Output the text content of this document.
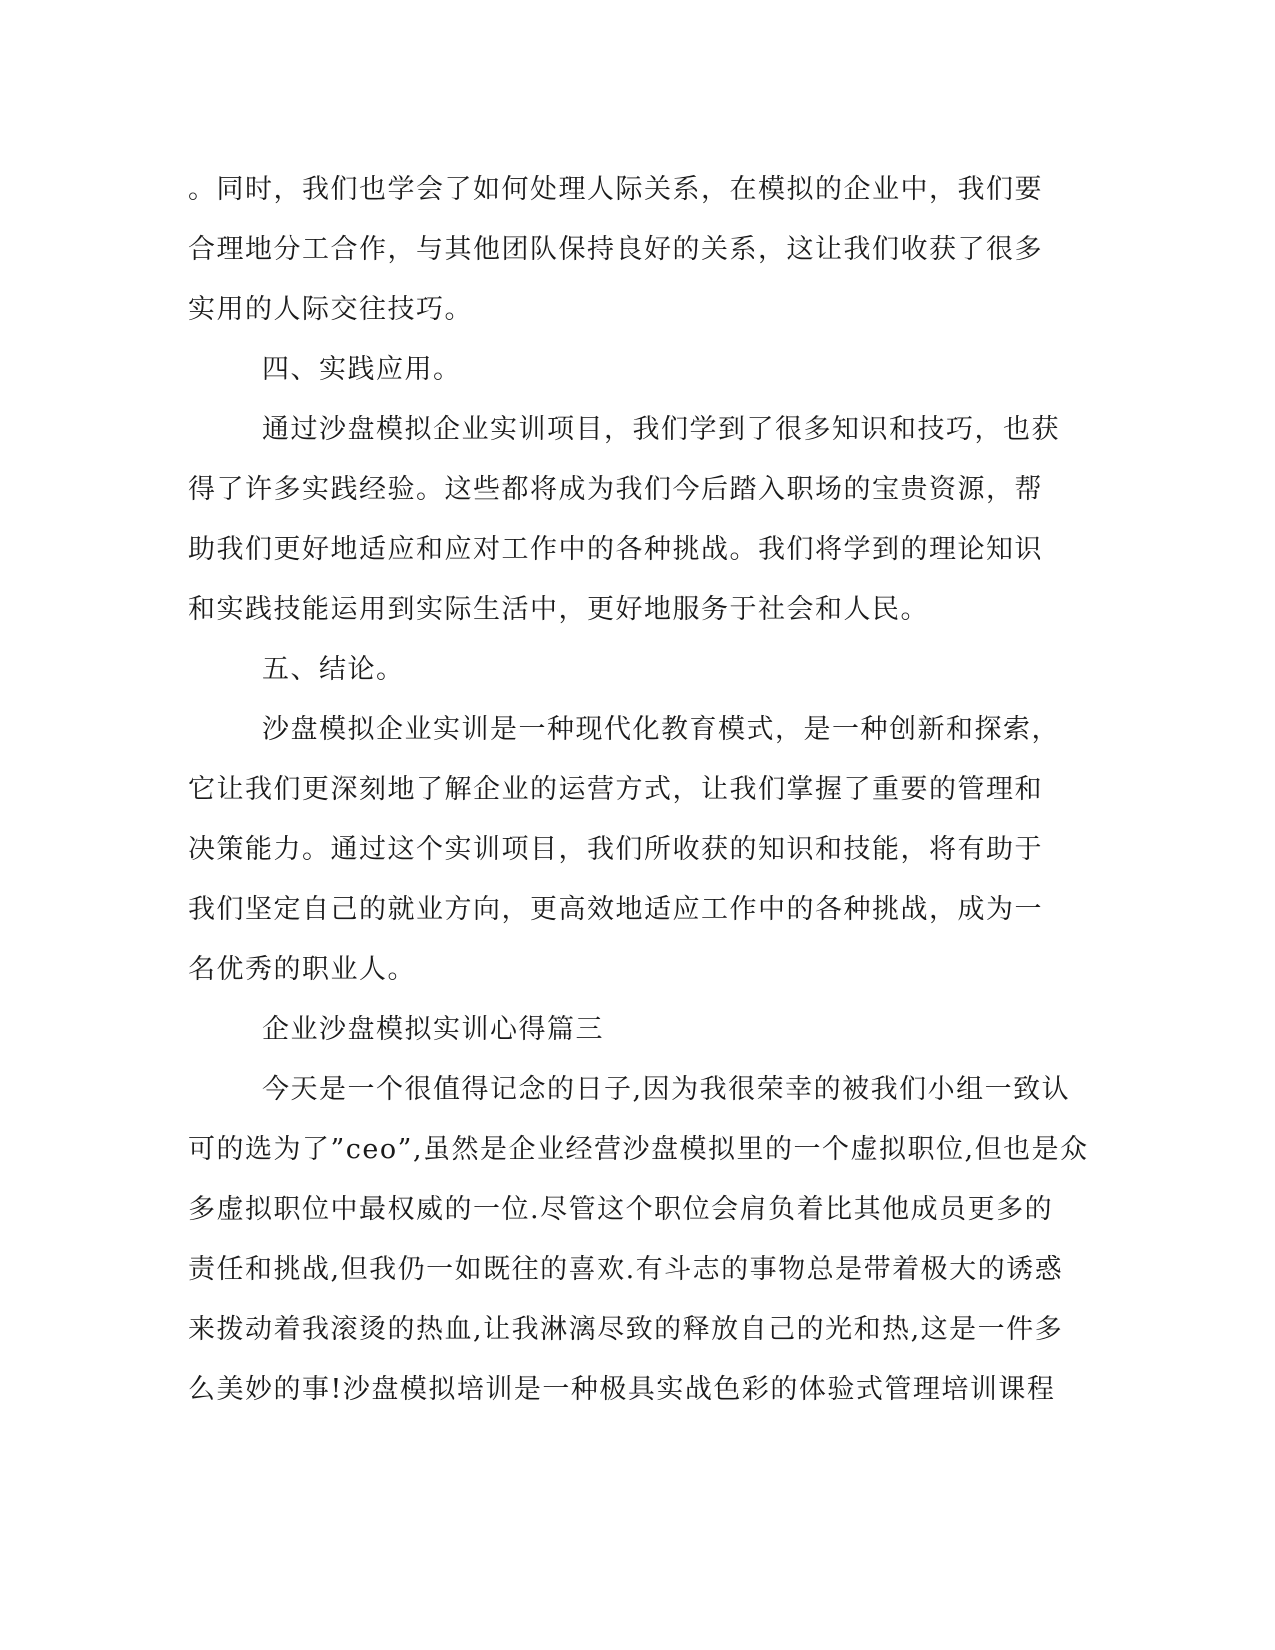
。同时，我们也学会了如何处理人际关系，在模拟的企业中，我们要
合理地分工合作，与其他团队保持良好的关系，这让我们收获了很多
实用的人际交往技巧。
四、实践应用。
通过沙盘模拟企业实训项目，我们学到了很多知识和技巧，也获
得了许多实践经验。这些都将成为我们今后踏入职场的宝贵资源，帮
助我们更好地适应和应对工作中的各种挑战。我们将学到的理论知识
和实践技能运用到实际生活中，更好地服务于社会和人民。
五、结论。
沙盘模拟企业实训是一种现代化教育模式，是一种创新和探索，
它让我们更深刻地了解企业的运营方式，让我们掌握了重要的管理和
决策能力。通过这个实训项目，我们所收获的知识和技能，将有助于
我们坚定自己的就业方向，更高效地适应工作中的各种挑战，成为一
名优秀的职业人。
企业沙盘模拟实训心得篇三
今天是一个很值得记念的日子,因为我很荣幸的被我们小组一致认
可的选为了”ceo”,虽然是企业经营沙盘模拟里的一个虚拟职位,但也是众
多虚拟职位中最权威的一位.尽管这个职位会肩负着比其他成员更多的
责任和挑战,但我仍一如既往的喜欢.有斗志的事物总是带着极大的诱惑
来拨动着我滚烫的热血,让我淋漓尽致的释放自己的光和热,这是一件多
么美妙的事!沙盘模拟培训是一种极具实战色彩的体验式管理培训课程
